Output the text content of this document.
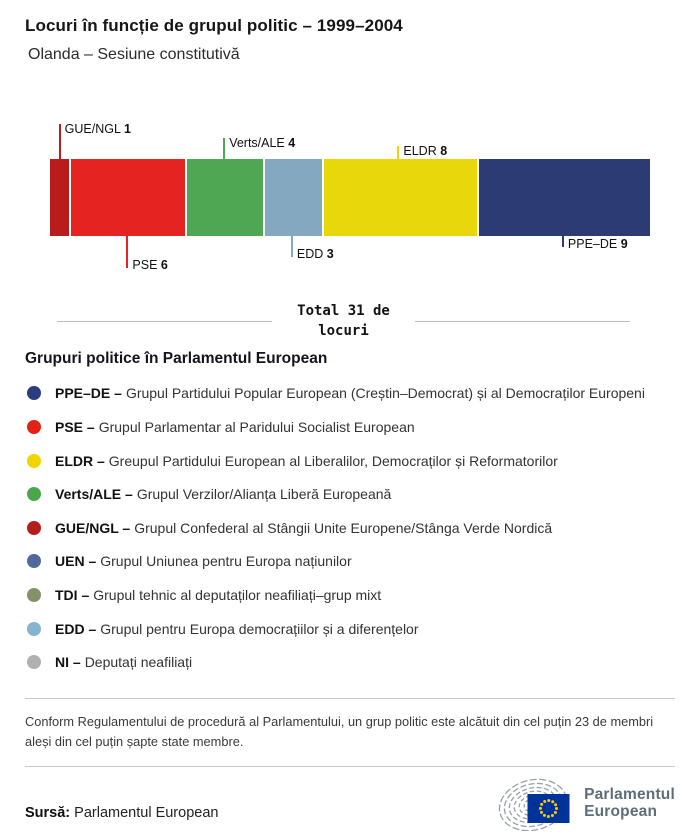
Locuri în funcție de grupul politic – 1999–2004
Olanda – Sesiune constitutivă
GUE/NGL 1
PSE 6
Verts/ALE 4
EDD 3
ELDR 8
PPE–DE 9
Total 31 de locuri
Grupuri politice în Parlamentul European
PPE–DE – Grupul Partidului Popular European (Creștin–Democrat) și al Democraților Europeni
PSE – Grupul Parlamentar al Paridului Socialist European
ELDR – Greupul Partidului European al Liberalilor, Democraților și Reformatorilor
Verts/ALE – Grupul Verzilor/Alianța Liberă Europeană
GUE/NGL – Grupul Confederal al Stângii Unite Europene/Stânga Verde Nordică
UEN – Grupul Uniunea pentru Europa națiunilor
TDI – Grupul tehnic al deputaților neafiliați–grup mixt
EDD – Grupul pentru Europa democrațiilor și a diferențelor
NI – Deputați neafiliați
Conform Regulamentului de procedură al Parlamentului, un grup politic este alcătuit din cel puțin 23 de membri aleși din cel puțin șapte state membre.
Sursă: Parlamentul European
Parlamentul
European
